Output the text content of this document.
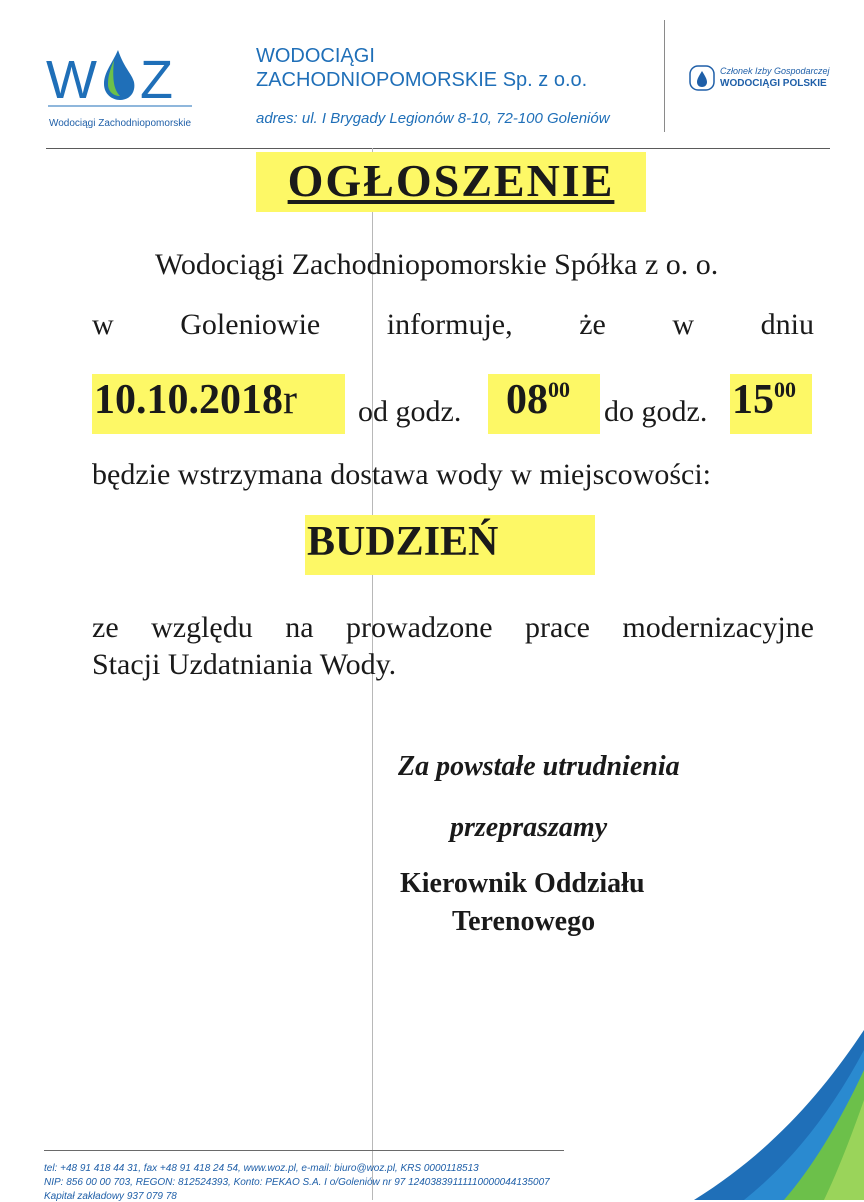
W Z
Wodociągi Zachodniopomorskie
WODOCIĄGI
ZACHODNIOPOMORSKIE Sp. z o.o.
adres: ul. I Brygady Legionów 8-10, 72-100 Goleniów
Członek Izby Gospodarczej
WODOCIĄGI POLSKIE
OGŁOSZENIE
Wodociągi Zachodniopomorskie Spółka z o. o.
w Goleniowie informuje, że w dniu
10.10.2018r od godz. $08^{00}$
do godz. $15^{00}$
będzie wstrzymana dostawa wody w miejscowości:
BUDZIEŃ
ze względu na prowadzone prace modernizacyjne
Stacji Uzdatniania Wody.
Za powstałe utrudnienia
przepraszamy
Kierownik Oddziału
Terenowego
tel: +48 91 418 44 31, fax +48 91 418 24 54, www.woz.pl, e-mail: biuro@woz.pl, KRS 0000118513
NIP: 856 00 00 703, REGON: 812524393, Konto: PEKAO S.A. I o/Goleniów nr 97 12403839111110000044135007
Kapitał zakładowy 937 079 78
